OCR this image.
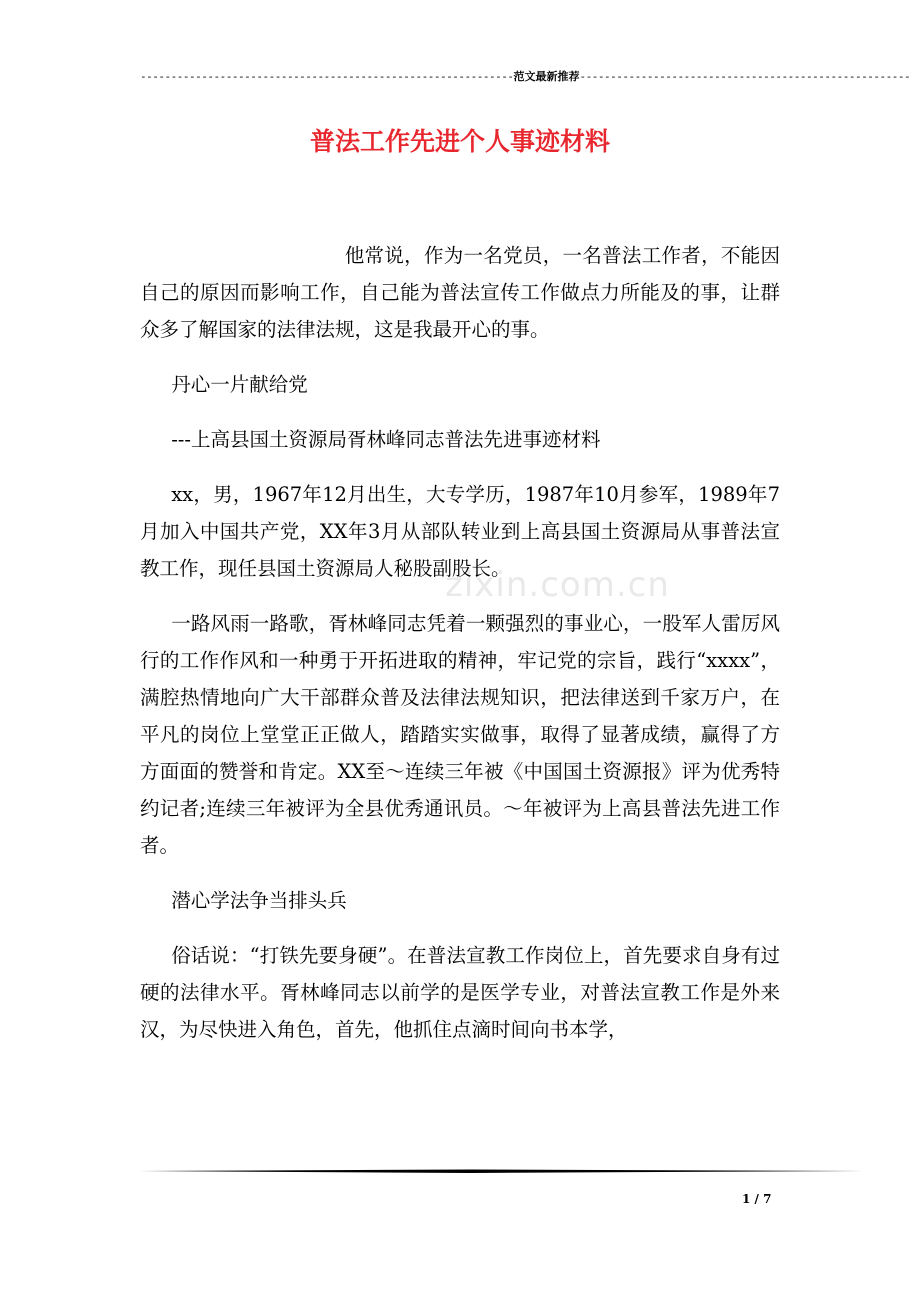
-------------------------------------------------------------范文最新推荐------------------------------------------------------
普法工作先进个人事迹材料
zixin.com.cn

他常说，作为一名党员，一名普法工作者，不能因自己的原因而影响工作，自己能为普法宣传工作做点力所能及的事，让群众多了解国家的法律法规，这是我最开心的事。

丹心一片献给党

---上高县国土资源局胥林峰同志普法先进事迹材料

xx，男，1967年12月出生，大专学历，1987年10月参军，1989年7月加入中国共产党，XX年3月从部队转业到上高县国土资源局从事普法宣教工作，现任县国土资源局人秘股副股长。

一路风雨一路歌，胥林峰同志凭着一颗强烈的事业心，一股军人雷厉风行的工作作风和一种勇于开拓进取的精神，牢记党的宗旨，践行“xxxx”，满腔热情地向广大干部群众普及法律法规知识，把法律送到千家万户，在平凡的岗位上堂堂正正做人，踏踏实实做事，取得了显著成绩，赢得了方方面面的赞誉和肯定。XX至～连续三年被《中国国土资源报》评为优秀特约记者;连续三年被评为全县优秀通讯员。～年被评为上高县普法先进工作者。

潜心学法争当排头兵

俗话说：“打铁先要身硬”。在普法宣教工作岗位上，首先要求自身有过硬的法律水平。胥林峰同志以前学的是医学专业，对普法宣教工作是外来汉，为尽快进入角色，首先，他抓住点滴时间向书本学，

1 / 7
